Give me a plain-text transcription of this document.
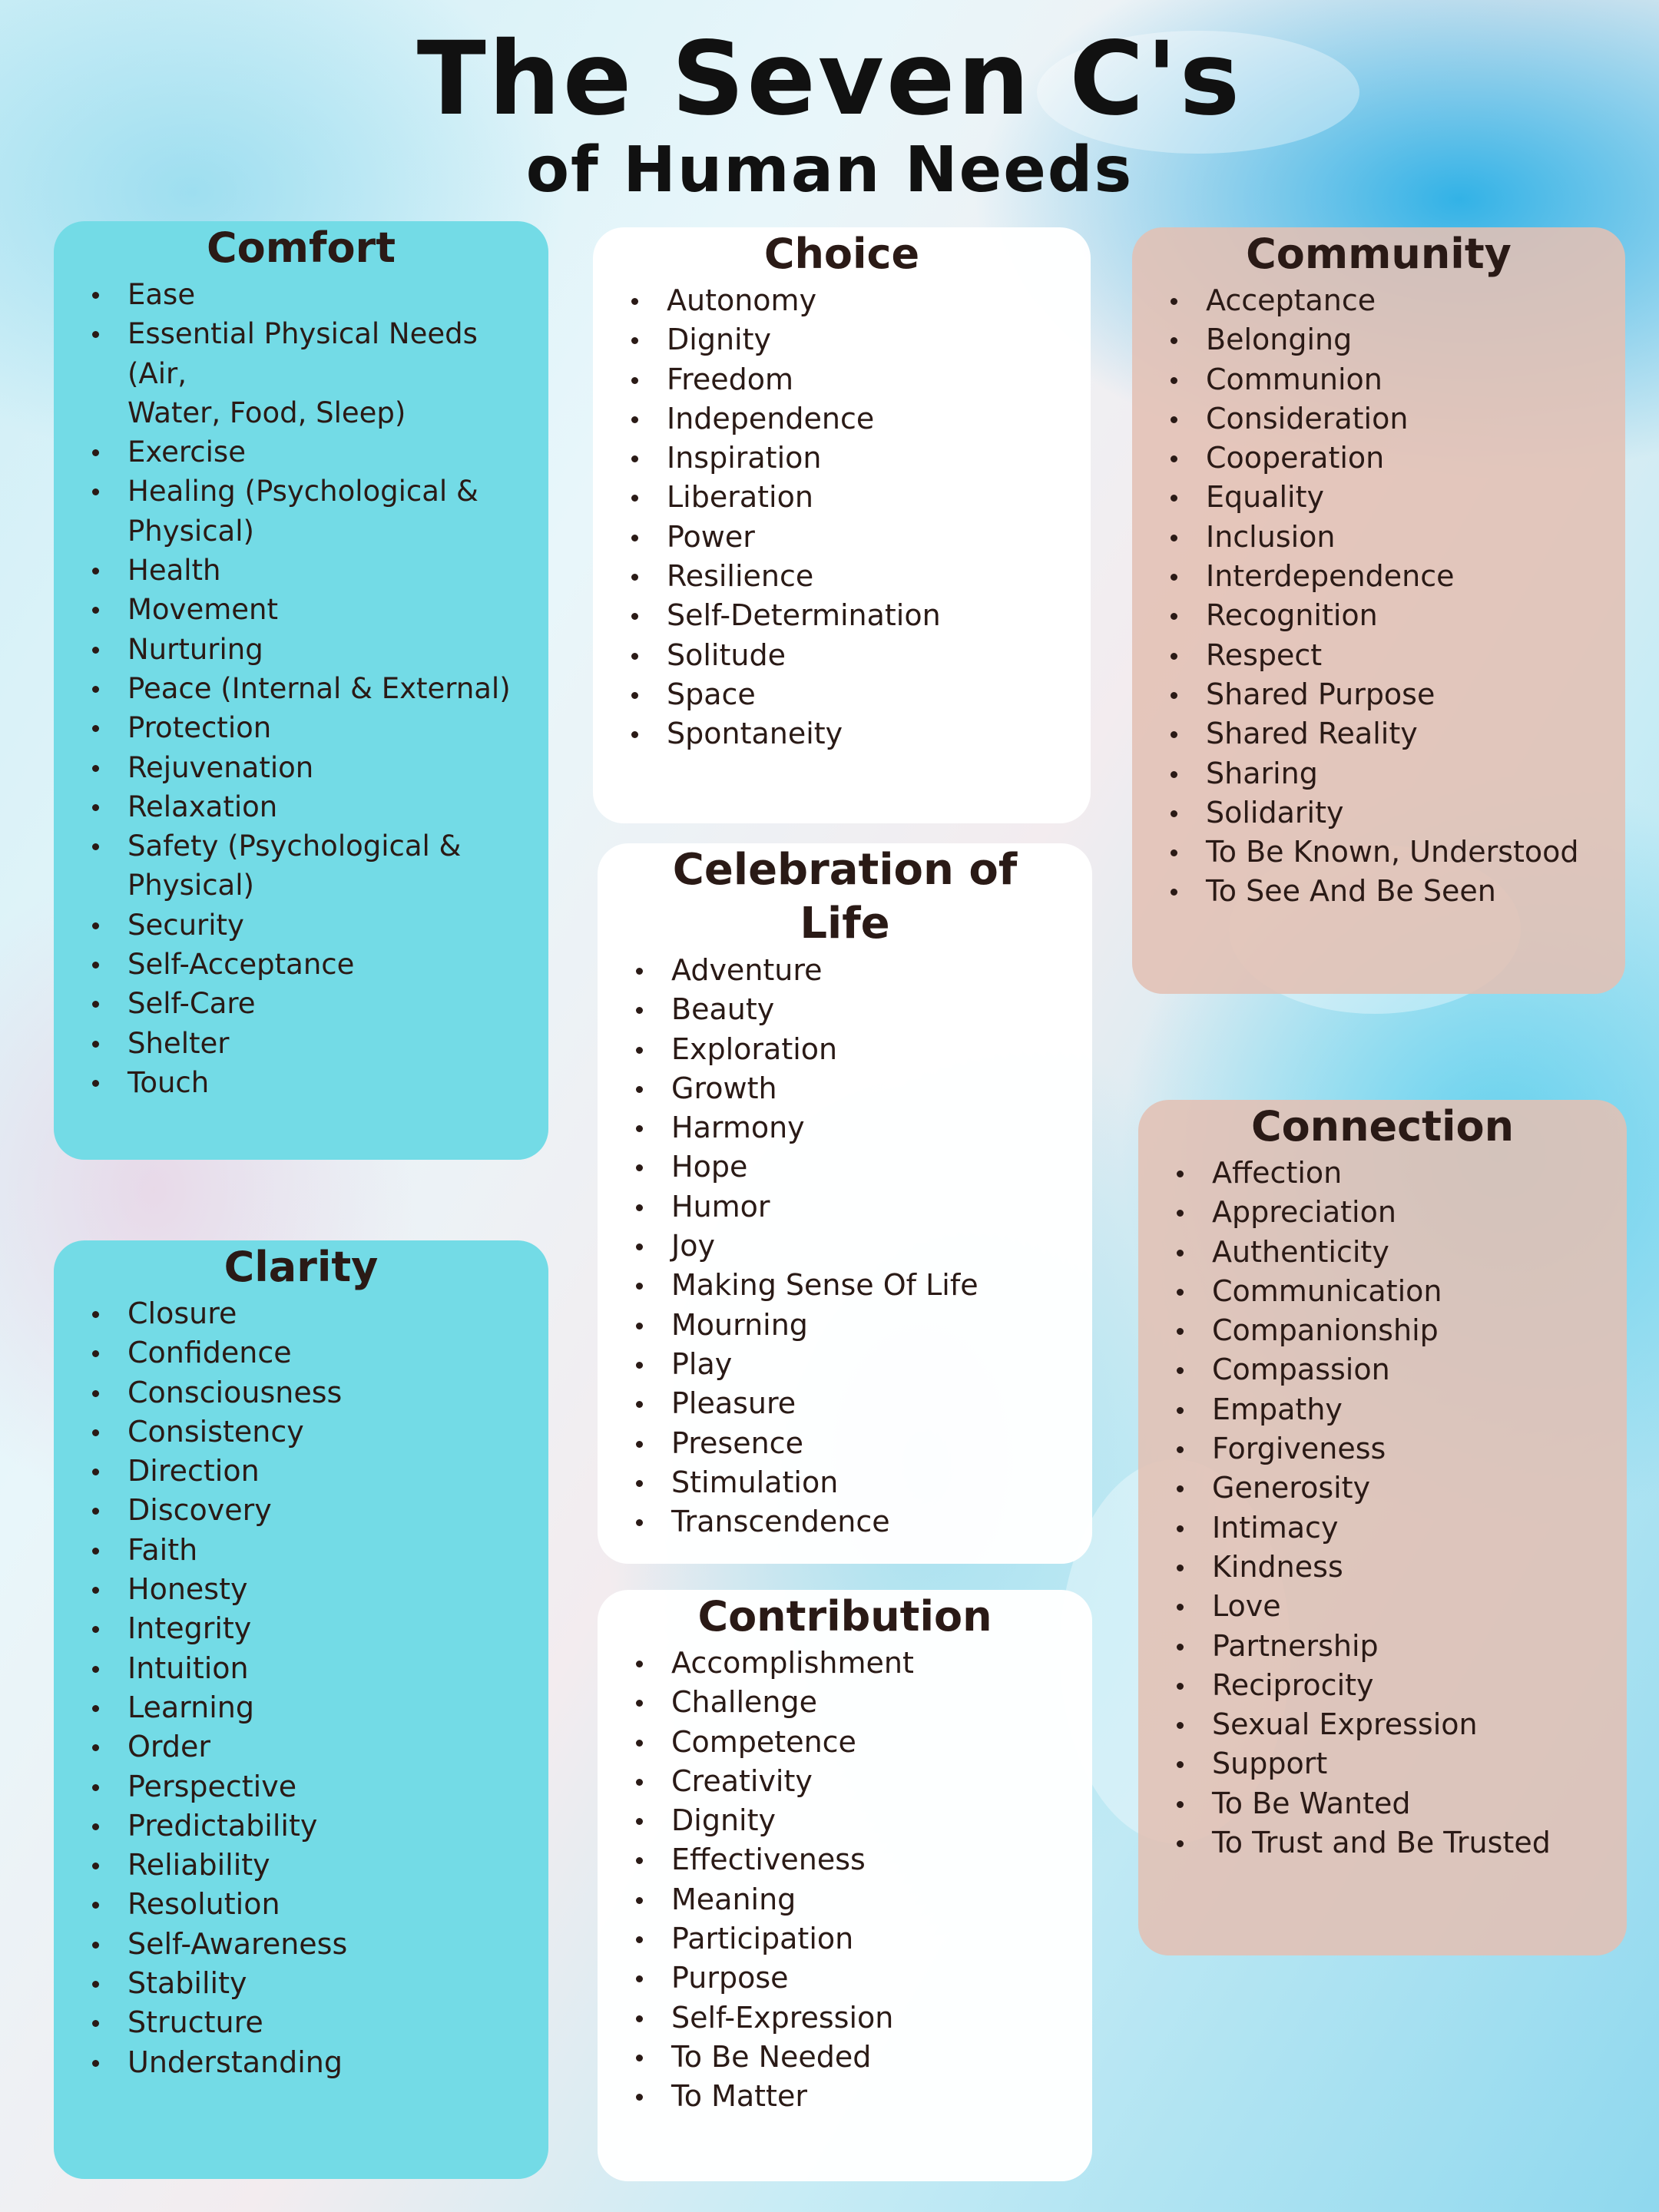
The Seven C's
of Human Needs
Comfort
Ease
Essential Physical Needs (Air,
Water, Food, Sleep)
Exercise
Healing (Psychological &
Physical)
Health
Movement
Nurturing
Peace (Internal & External)
Protection
Rejuvenation
Relaxation
Safety (Psychological &
Physical)
Security
Self-Acceptance
Self-Care
Shelter
Touch
Choice
Autonomy
Dignity
Freedom
Independence
Inspiration
Liberation
Power
Resilience
Self-Determination
Solitude
Space
Spontaneity
Community
Acceptance
Belonging
Communion
Consideration
Cooperation
Equality
Inclusion
Interdependence
Recognition
Respect
Shared Purpose
Shared Reality
Sharing
Solidarity
To Be Known, Understood
To See And Be Seen
Celebration of Life
Adventure
Beauty
Exploration
Growth
Harmony
Hope
Humor
Joy
Making Sense Of Life
Mourning
Play
Pleasure
Presence
Stimulation
Transcendence
Connection
Affection
Appreciation
Authenticity
Communication
Companionship
Compassion
Empathy
Forgiveness
Generosity
Intimacy
Kindness
Love
Partnership
Reciprocity
Sexual Expression
Support
To Be Wanted
To Trust and Be Trusted
Clarity
Closure
Confidence
Consciousness
Consistency
Direction
Discovery
Faith
Honesty
Integrity
Intuition
Learning
Order
Perspective
Predictability
Reliability
Resolution
Self-Awareness
Stability
Structure
Understanding
Contribution
Accomplishment
Challenge
Competence
Creativity
Dignity
Effectiveness
Meaning
Participation
Purpose
Self-Expression
To Be Needed
To Matter
